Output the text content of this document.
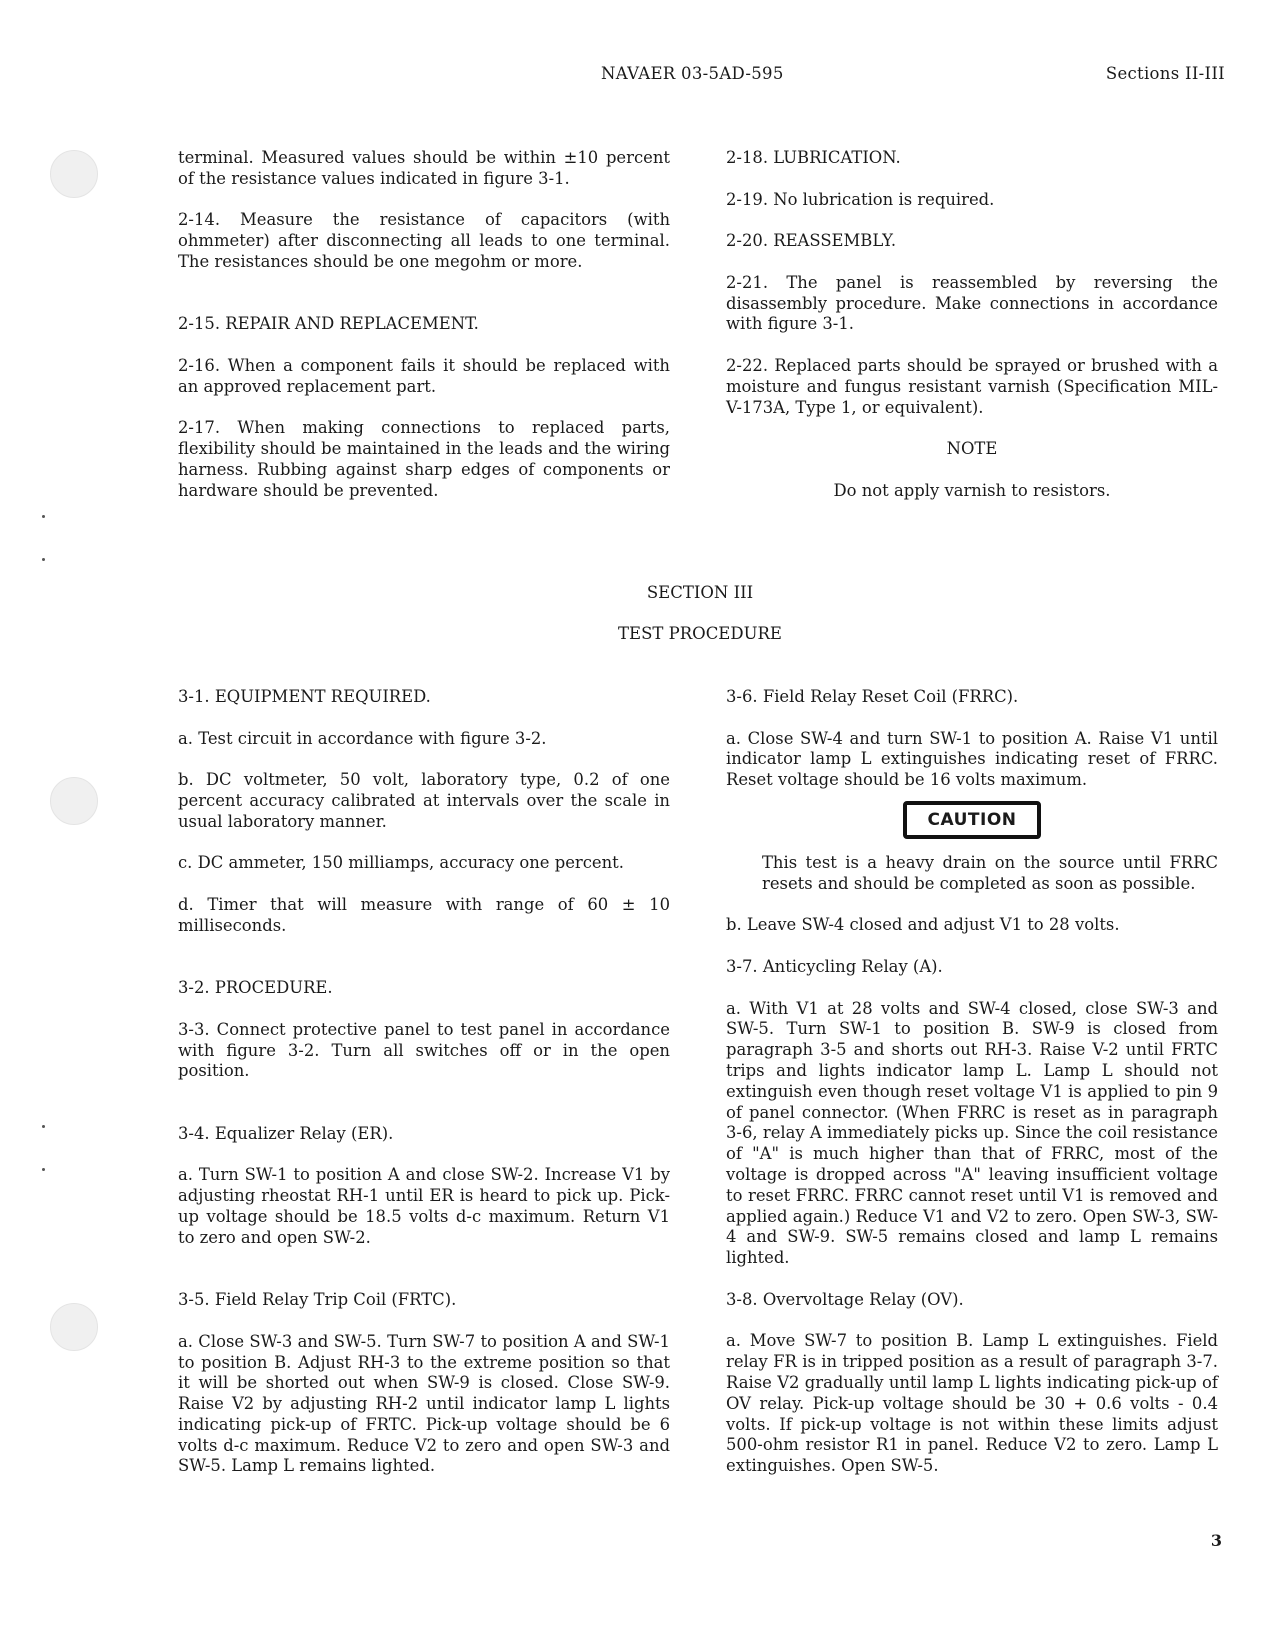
NAVAER 03-5AD-595	Sections II-III

terminal. Measured values should be within ±10 percent of the resistance values indicated in figure 3-1.

2-14. Measure the resistance of capacitors (with ohmmeter) after disconnecting all leads to one terminal. The resistances should be one megohm or more.

2-15. REPAIR AND REPLACEMENT.

2-16. When a component fails it should be replaced with an approved replacement part.

2-17. When making connections to replaced parts, flexibility should be maintained in the leads and the wiring harness. Rubbing against sharp edges of components or hardware should be prevented.

2-18. LUBRICATION.

2-19. No lubrication is required.

2-20. REASSEMBLY.

2-21. The panel is reassembled by reversing the disassembly procedure. Make connections in accordance with figure 3-1.

2-22. Replaced parts should be sprayed or brushed with a moisture and fungus resistant varnish (Specification MIL-V-173A, Type 1, or equivalent).

NOTE

Do not apply varnish to resistors.

SECTION III
TEST PROCEDURE

3-1. EQUIPMENT REQUIRED.

a. Test circuit in accordance with figure 3-2.

b. DC voltmeter, 50 volt, laboratory type, 0.2 of one percent accuracy calibrated at intervals over the scale in usual laboratory manner.

c. DC ammeter, 150 milliamps, accuracy one percent.

d. Timer that will measure with range of 60 ± 10 milliseconds.

3-2. PROCEDURE.

3-3. Connect protective panel to test panel in accordance with figure 3-2. Turn all switches off or in the open position.

3-4. Equalizer Relay (ER).

a. Turn SW-1 to position A and close SW-2. Increase V1 by adjusting rheostat RH-1 until ER is heard to pick up. Pick-up voltage should be 18.5 volts d-c maximum. Return V1 to zero and open SW-2.

3-5. Field Relay Trip Coil (FRTC).

a. Close SW-3 and SW-5. Turn SW-7 to position A and SW-1 to position B. Adjust RH-3 to the extreme position so that it will be shorted out when SW-9 is closed. Close SW-9. Raise V2 by adjusting RH-2 until indicator lamp L lights indicating pick-up of FRTC. Pick-up voltage should be 6 volts d-c maximum. Reduce V2 to zero and open SW-3 and SW-5. Lamp L remains lighted.

3-6. Field Relay Reset Coil (FRRC).

a. Close SW-4 and turn SW-1 to position A. Raise V1 until indicator lamp L extinguishes indicating reset of FRRC. Reset voltage should be 16 volts maximum.

CAUTION

This test is a heavy drain on the source until FRRC resets and should be completed as soon as possible.

b. Leave SW-4 closed and adjust V1 to 28 volts.

3-7. Anticycling Relay (A).

a. With V1 at 28 volts and SW-4 closed, close SW-3 and SW-5. Turn SW-1 to position B. SW-9 is closed from paragraph 3-5 and shorts out RH-3. Raise V-2 until FRTC trips and lights indicator lamp L. Lamp L should not extinguish even though reset voltage V1 is applied to pin 9 of panel connector. (When FRRC is reset as in paragraph 3-6, relay A immediately picks up. Since the coil resistance of "A" is much higher than that of FRRC, most of the voltage is dropped across "A" leaving insufficient voltage to reset FRRC. FRRC cannot reset until V1 is removed and applied again.) Reduce V1 and V2 to zero. Open SW-3, SW-4 and SW-9. SW-5 remains closed and lamp L remains lighted.

3-8. Overvoltage Relay (OV).

a. Move SW-7 to position B. Lamp L extinguishes. Field relay FR is in tripped position as a result of paragraph 3-7. Raise V2 gradually until lamp L lights indicating pick-up of OV relay. Pick-up voltage should be 30 + 0.6 volts - 0.4 volts. If pick-up voltage is not within these limits adjust 500-ohm resistor R1 in panel. Reduce V2 to zero. Lamp L extinguishes. Open SW-5.

3
